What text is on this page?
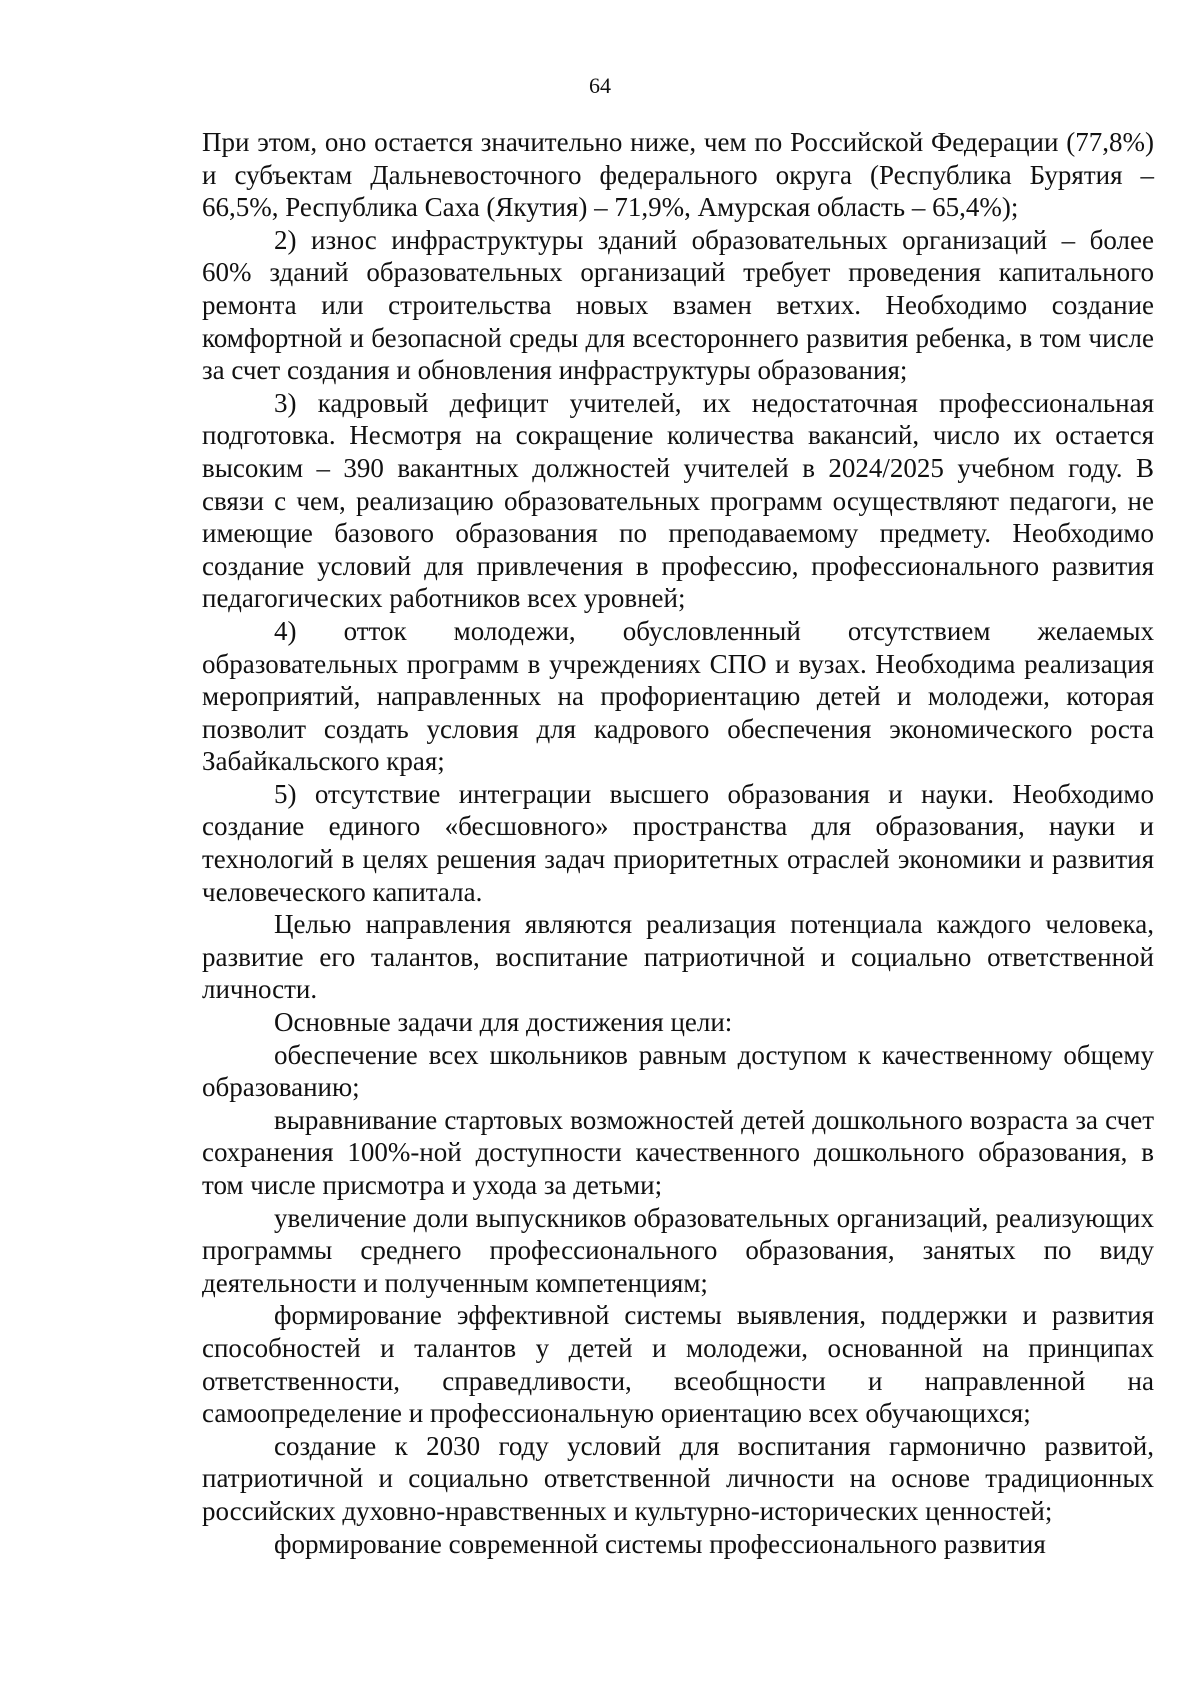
64

При этом, оно остается значительно ниже, чем по Российской Федерации (77,8%) и субъектам Дальневосточного федерального округа (Республика Бурятия – 66,5%, Республика Саха (Якутия) – 71,9%, Амурская область – 65,4%);

2) износ инфраструктуры зданий образовательных организаций – более 60% зданий образовательных организаций требует проведения капитального ремонта или строительства новых взамен ветхих. Необходимо создание комфортной и безопасной среды для всестороннего развития ребенка, в том числе за счет создания и обновления инфраструктуры образования;

3) кадровый дефицит учителей, их недостаточная профессиональная подготовка. Несмотря на сокращение количества вакансий, число их остается высоким – 390 вакантных должностей учителей в 2024/2025 учебном году. В связи с чем, реализацию образовательных программ осуществляют педагоги, не имеющие базового образования по преподаваемому предмету. Необходимо создание условий для привлечения в профессию, профессионального развития педагогических работников всех уровней;

4) отток молодежи, обусловленный отсутствием желаемых образовательных программ в учреждениях СПО и вузах. Необходима реализация мероприятий, направленных на профориентацию детей и молодежи, которая позволит создать условия для кадрового обеспечения экономического роста Забайкальского края;

5) отсутствие интеграции высшего образования и науки. Необходимо создание единого «бесшовного» пространства для образования, науки и технологий в целях решения задач приоритетных отраслей экономики и развития человеческого капитала.

Целью направления являются реализация потенциала каждого человека, развитие его талантов, воспитание патриотичной и социально ответственной личности.

Основные задачи для достижения цели:

обеспечение всех школьников равным доступом к качественному общему образованию;

выравнивание стартовых возможностей детей дошкольного возраста за счет сохранения 100%-ной доступности качественного дошкольного образования, в том числе присмотра и ухода за детьми;

увеличение доли выпускников образовательных организаций, реализующих программы среднего профессионального образования, занятых по виду деятельности и полученным компетенциям;

формирование эффективной системы выявления, поддержки и развития способностей и талантов у детей и молодежи, основанной на принципах ответственности, справедливости, всеобщности и направленной на самоопределение и профессиональную ориентацию всех обучающихся;

создание к 2030 году условий для воспитания гармонично развитой, патриотичной и социально ответственной личности на основе традиционных российских духовно-нравственных и культурно-исторических ценностей;

формирование современной системы профессионального развития
